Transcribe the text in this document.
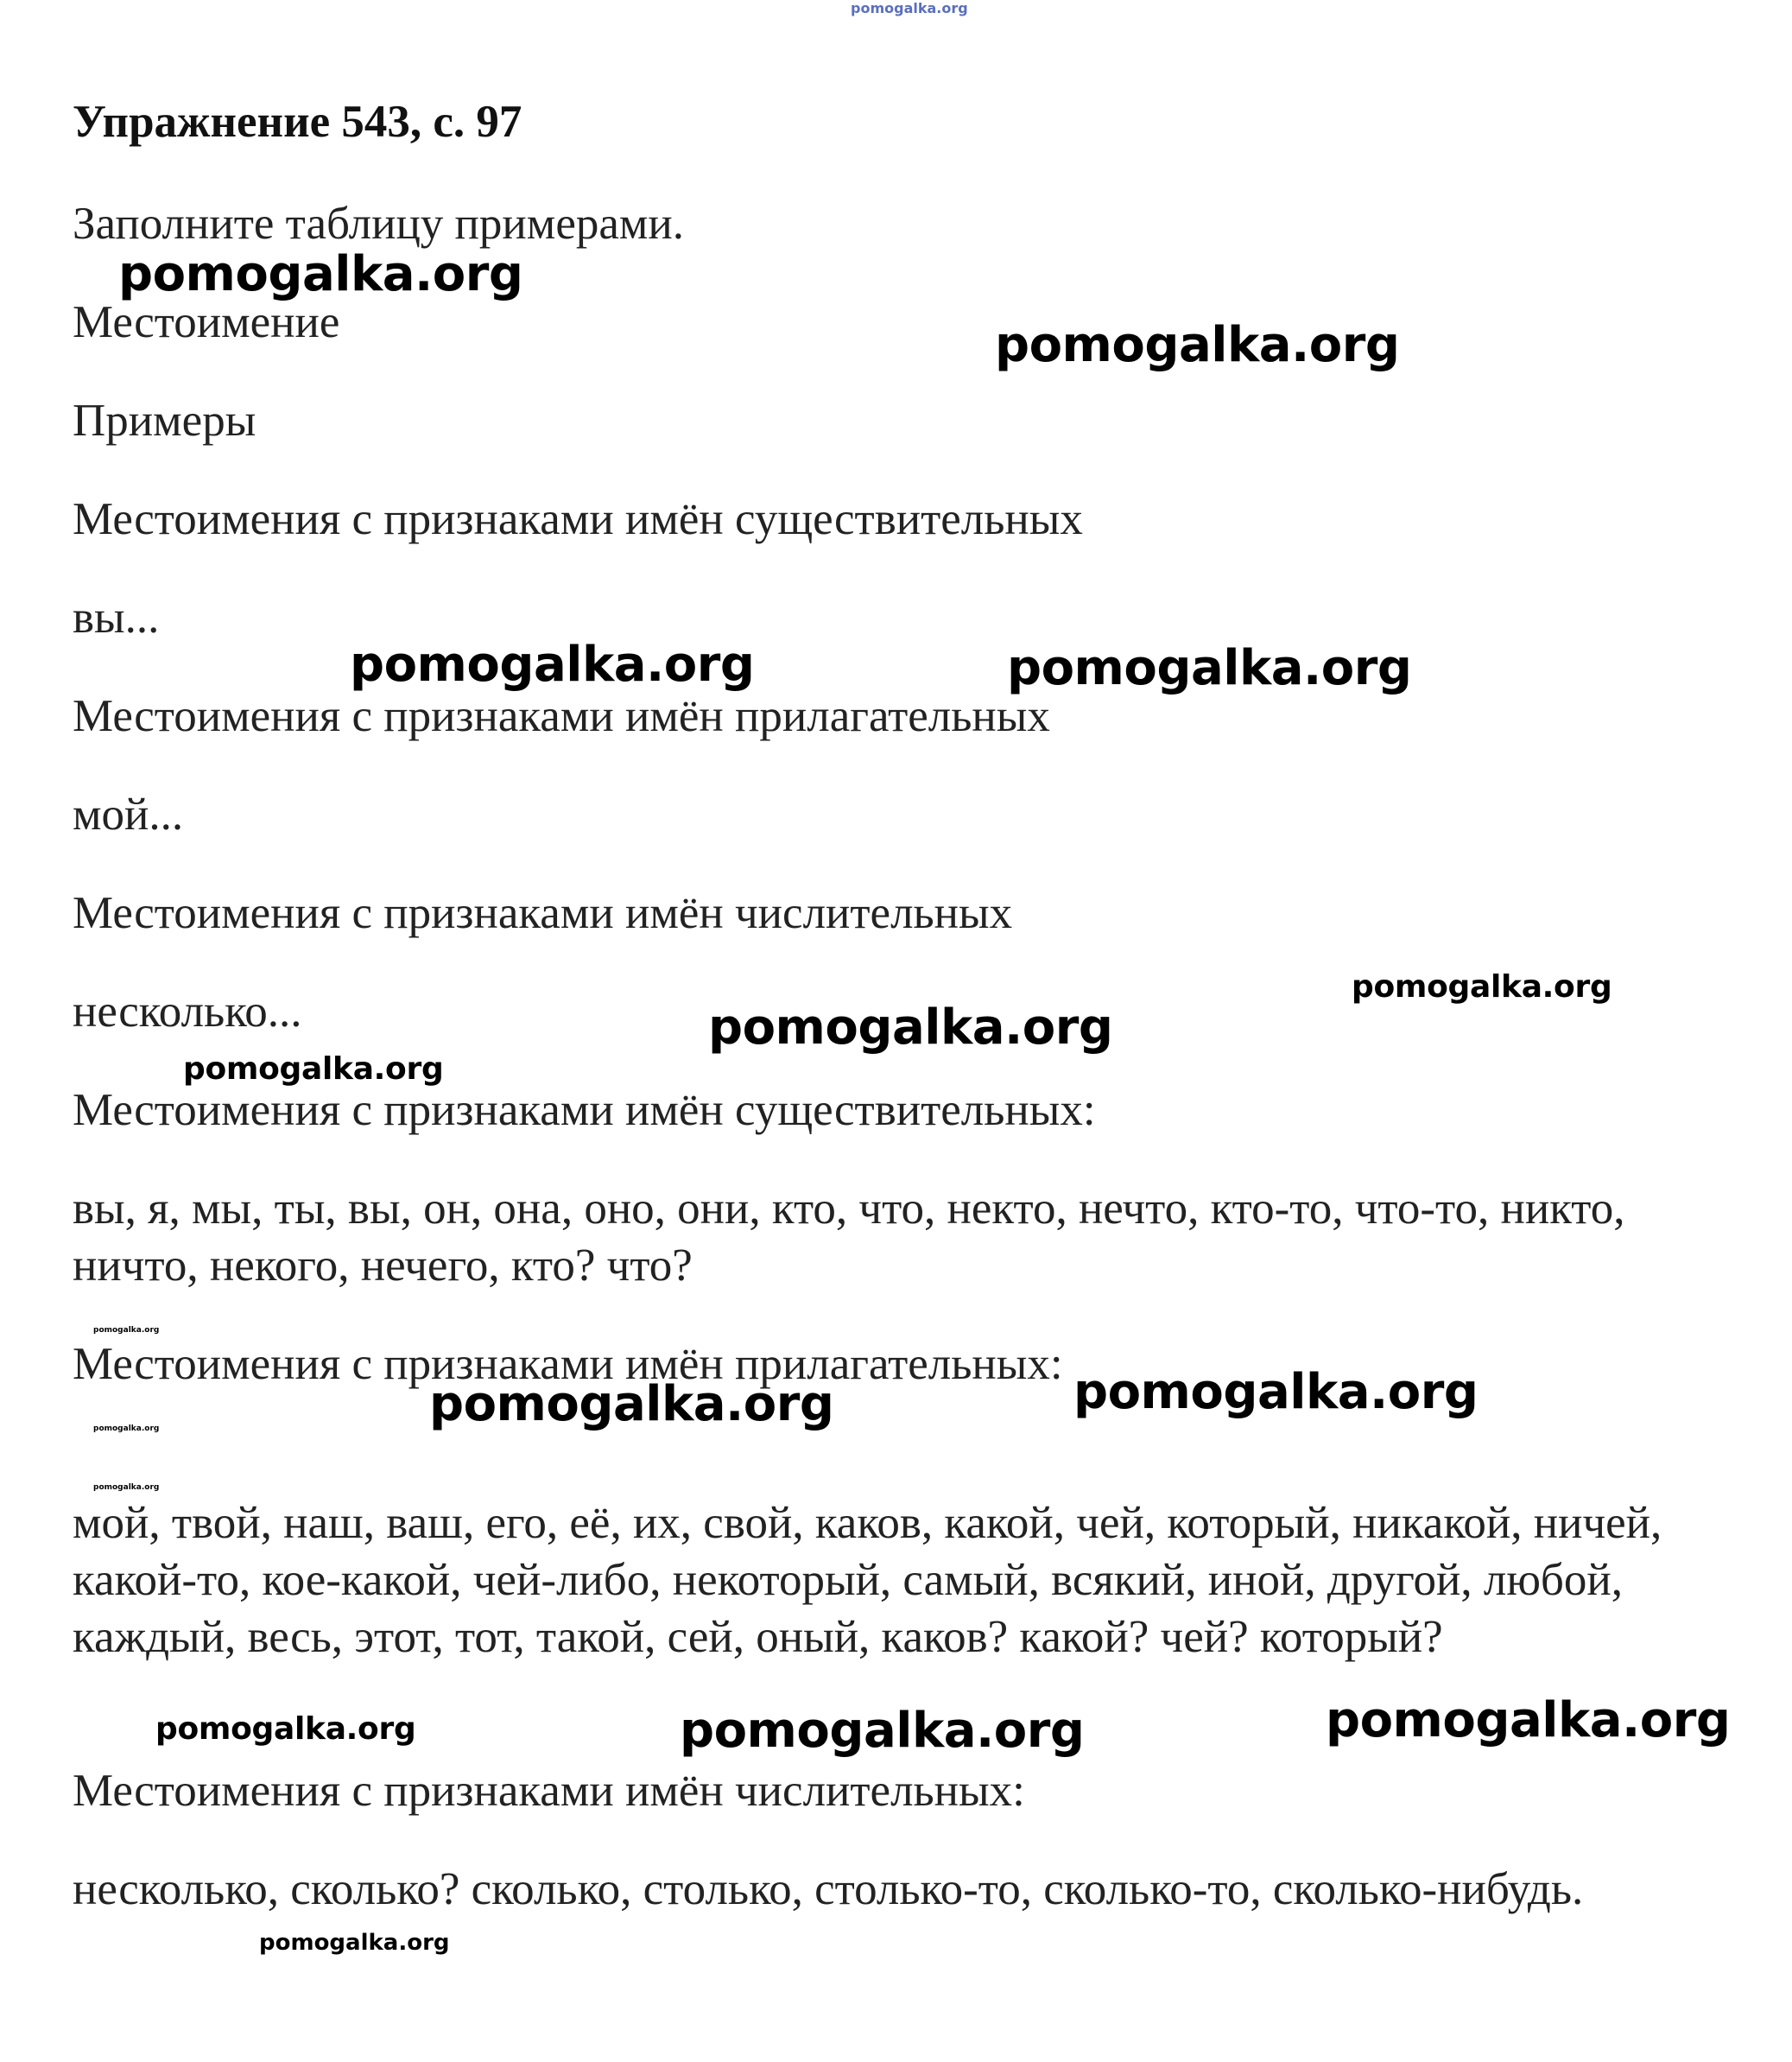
pomogalka.org
Упражнение 543, с. 97
Заполните таблицу примерами.
Местоимение
Примеры
Местоимения с признаками имён существительных
вы...
Местоимения с признаками имён прилагательных
мой...
Местоимения с признаками имён числительных
несколько...
Местоимения с признаками имён существительных:
вы, я, мы, ты, вы, он, она, оно, они, кто, что, некто, нечто, кто-то, что-то, никто, ничто, некого, нечего, кто? что?
Местоимения с признаками имён прилагательных:
мой, твой, наш, ваш, его, её, их, свой, каков, какой, чей, который, никакой, ничей, какой-то, кое-какой, чей-либо, некоторый, самый, всякий, иной, другой, любой, каждый, весь, этот, тот, такой, сей, оный, каков? какой? чей? который?
Местоимения с признаками имён числительных:
несколько, сколько? сколько, столько, столько-то, сколько-то, сколько-нибудь.
pomogalka.org
pomogalka.org
pomogalka.org	pomogalka.org
pomogalka.org
pomogalka.org
pomogalka.org
pomogalka.org
pomogalka.org
pomogalka.org
pomogalka.org
pomogalka.org
pomogalka.org
pomogalka.org	pomogalka.org
pomogalka.org
